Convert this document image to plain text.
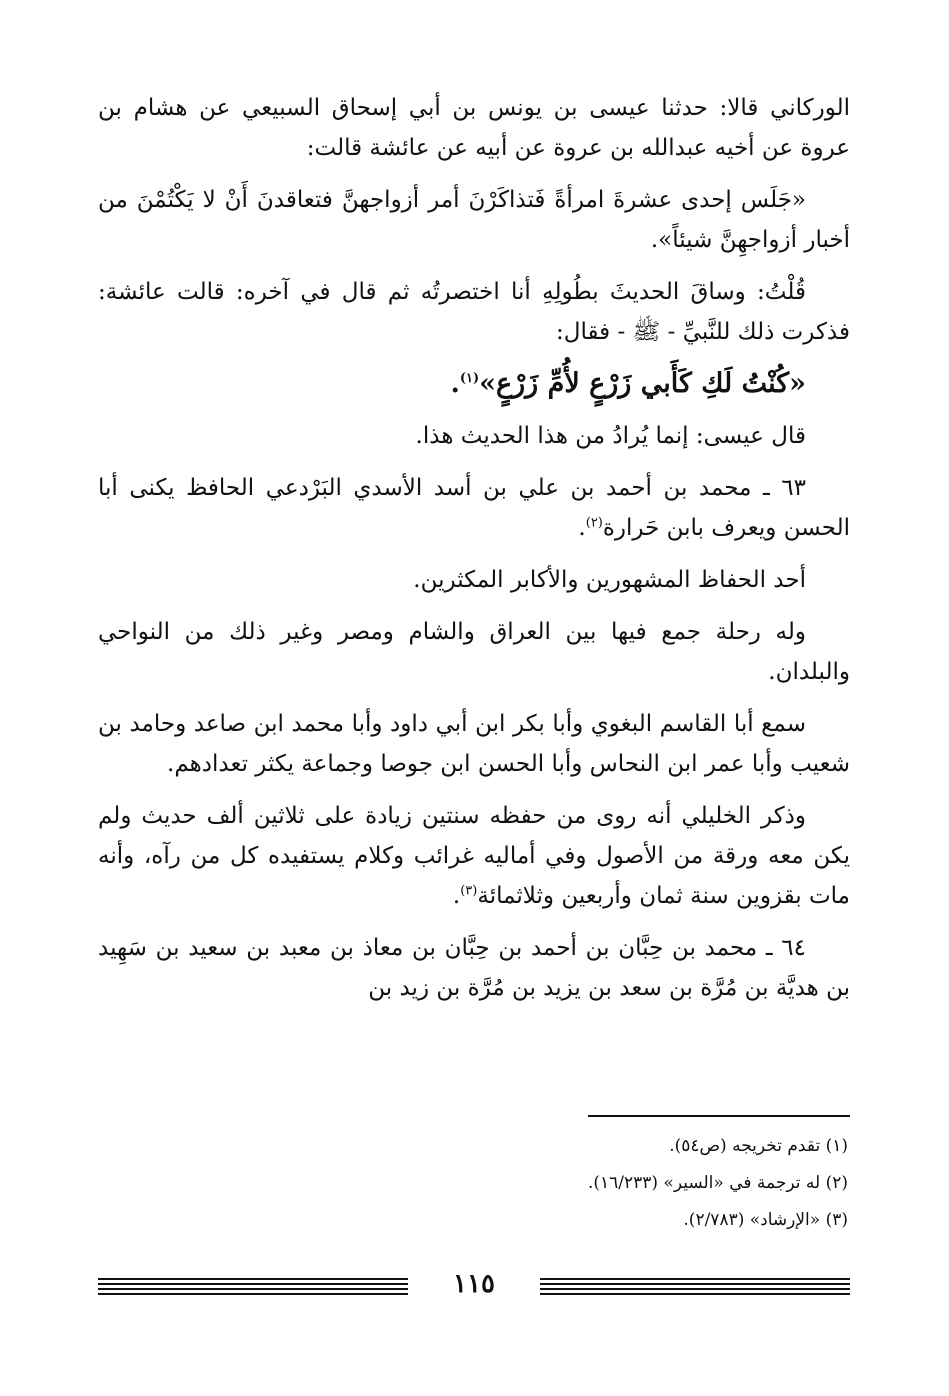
الوركاني قالا: حدثنا عيسى بن يونس بن أبي إسحاق السبيعي عن هشام بن عروة عن أخيه عبدالله بن عروة عن أبيه عن عائشة قالت:

«جَلَس إحدى عشرةَ امرأةً فَتذاكَرْنَ أمر أزواجهنَّ فتعاقدنَ أَنْ لا يَكْتُمْنَ من أخبار أزواجهِنَّ شيئاً».

قُلْتُ: وساقَ الحديثَ بطُولِهِ أنا اختصرتُه ثم قال في آخره: قالت عائشة: فذكرت ذلك للنَّبيِّ - ﷺ - فقال:

«كُنْتُ لَكِ كَأَبي زَرْعٍ لأُمِّ زَرْعٍ»$^{(١)}$.

قال عيسى: إنما يُرادُ من هذا الحديث هذا.

٦٣ ـ محمد بن أحمد بن علي بن أسد الأسدي البَرْدعي الحافظ يكنى أبا الحسن ويعرف بابن حَرارة$^{(٢)}$.

أحد الحفاظ المشهورين والأكابر المكثرين.

وله رحلة جمع فيها بين العراق والشام ومصر وغير ذلك من النواحي والبلدان.

سمع أبا القاسم البغوي وأبا بكر ابن أبي داود وأبا محمد ابن صاعد وحامد بن شعيب وأبا عمر ابن النحاس وأبا الحسن ابن جوصا وجماعة يكثر تعدادهم.

وذكر الخليلي أنه روى من حفظه سنتين زيادة على ثلاثين ألف حديث ولم يكن معه ورقة من الأصول وفي أماليه غرائب وكلام يستفيده كل من رآه، وأنه مات بقزوين سنة ثمان وأربعين وثلاثمائة$^{(٣)}$.

٦٤ ـ محمد بن حِبَّان بن أحمد بن حِبَّان بن معاذ بن معبد بن سعيد بن سَهِيد بن هديَّة بن مُرَّة بن سعد بن يزيد بن مُرَّة بن زيد بن

(١) تقدم تخريجه (ص٥٤).

(٢) له ترجمة في «السير» (١٦/٢٣٣).

(٣) «الإرشاد» (٢/٧٨٣).

١١٥
